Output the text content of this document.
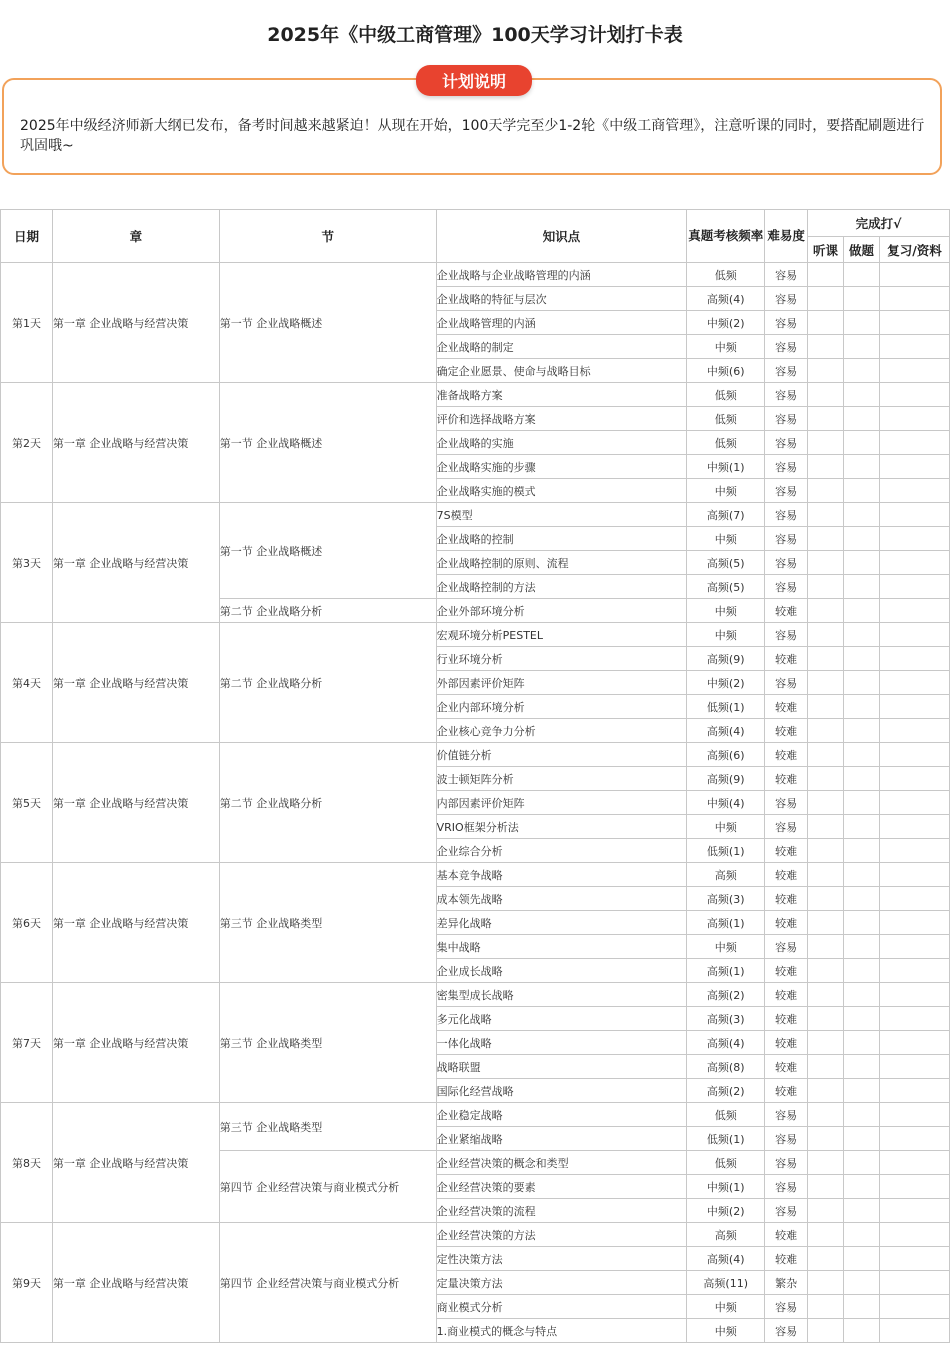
2025年《中级工商管理》100天学习计划打卡表
2025年中级经济师新大纲已发布，备考时间越来越紧迫！从现在开始，100天学完至少1-2轮《中级工商管理》，注意听课的同时，要搭配刷题进行巩固哦~
计划说明
日期	章	节	知识点	真题考核频率	难易度	完成打√		
						听课	做题	复习/资料
第1天	第一章 企业战略与经营决策	第一节 企业战略概述	企业战略与企业战略管理的内涵	低频	容易			
			企业战略的特征与层次	高频(4)	容易			
			企业战略管理的内涵	中频(2)	容易			
			企业战略的制定	中频	容易			
			确定企业愿景、使命与战略目标	中频(6)	容易			
第2天	第一章 企业战略与经营决策	第一节 企业战略概述	准备战略方案	低频	容易			
			评价和选择战略方案	低频	容易			
			企业战略的实施	低频	容易			
			企业战略实施的步骤	中频(1)	容易			
			企业战略实施的模式	中频	容易			
第3天	第一章 企业战略与经营决策	第一节 企业战略概述	7S模型	高频(7)	容易			
			企业战略的控制	中频	容易			
			企业战略控制的原则、流程	高频(5)	容易			
			企业战略控制的方法	高频(5)	容易			
		第二节 企业战略分析	企业外部环境分析	中频	较难			
第4天	第一章 企业战略与经营决策	第二节 企业战略分析	宏观环境分析PESTEL	中频	容易			
			行业环境分析	高频(9)	较难			
			外部因素评价矩阵	中频(2)	容易			
			企业内部环境分析	低频(1)	较难			
			企业核心竞争力分析	高频(4)	较难			
第5天	第一章 企业战略与经营决策	第二节 企业战略分析	价值链分析	高频(6)	较难			
			波士顿矩阵分析	高频(9)	较难			
			内部因素评价矩阵	中频(4)	容易			
			VRIO框架分析法	中频	容易			
			企业综合分析	低频(1)	较难			
第6天	第一章 企业战略与经营决策	第三节 企业战略类型	基本竞争战略	高频	较难			
			成本领先战略	高频(3)	较难			
			差异化战略	高频(1)	较难			
			集中战略	中频	容易			
			企业成长战略	高频(1)	较难			
第7天	第一章 企业战略与经营决策	第三节 企业战略类型	密集型成长战略	高频(2)	较难			
			多元化战略	高频(3)	较难			
			一体化战略	高频(4)	较难			
			战略联盟	高频(8)	较难			
			国际化经营战略	高频(2)	较难			
第8天	第一章 企业战略与经营决策	第三节 企业战略类型	企业稳定战略	低频	容易			
			企业紧缩战略	低频(1)	容易			
		第四节 企业经营决策与商业模式分析	企业经营决策的概念和类型	低频	容易			
			企业经营决策的要素	中频(1)	容易			
			企业经营决策的流程	中频(2)	容易			
第9天	第一章 企业战略与经营决策	第四节 企业经营决策与商业模式分析	企业经营决策的方法	高频	较难			
			定性决策方法	高频(4)	较难			
			定量决策方法	高频(11)	繁杂			
			商业模式分析	中频	容易			
			1.商业模式的概念与特点	中频	容易			
